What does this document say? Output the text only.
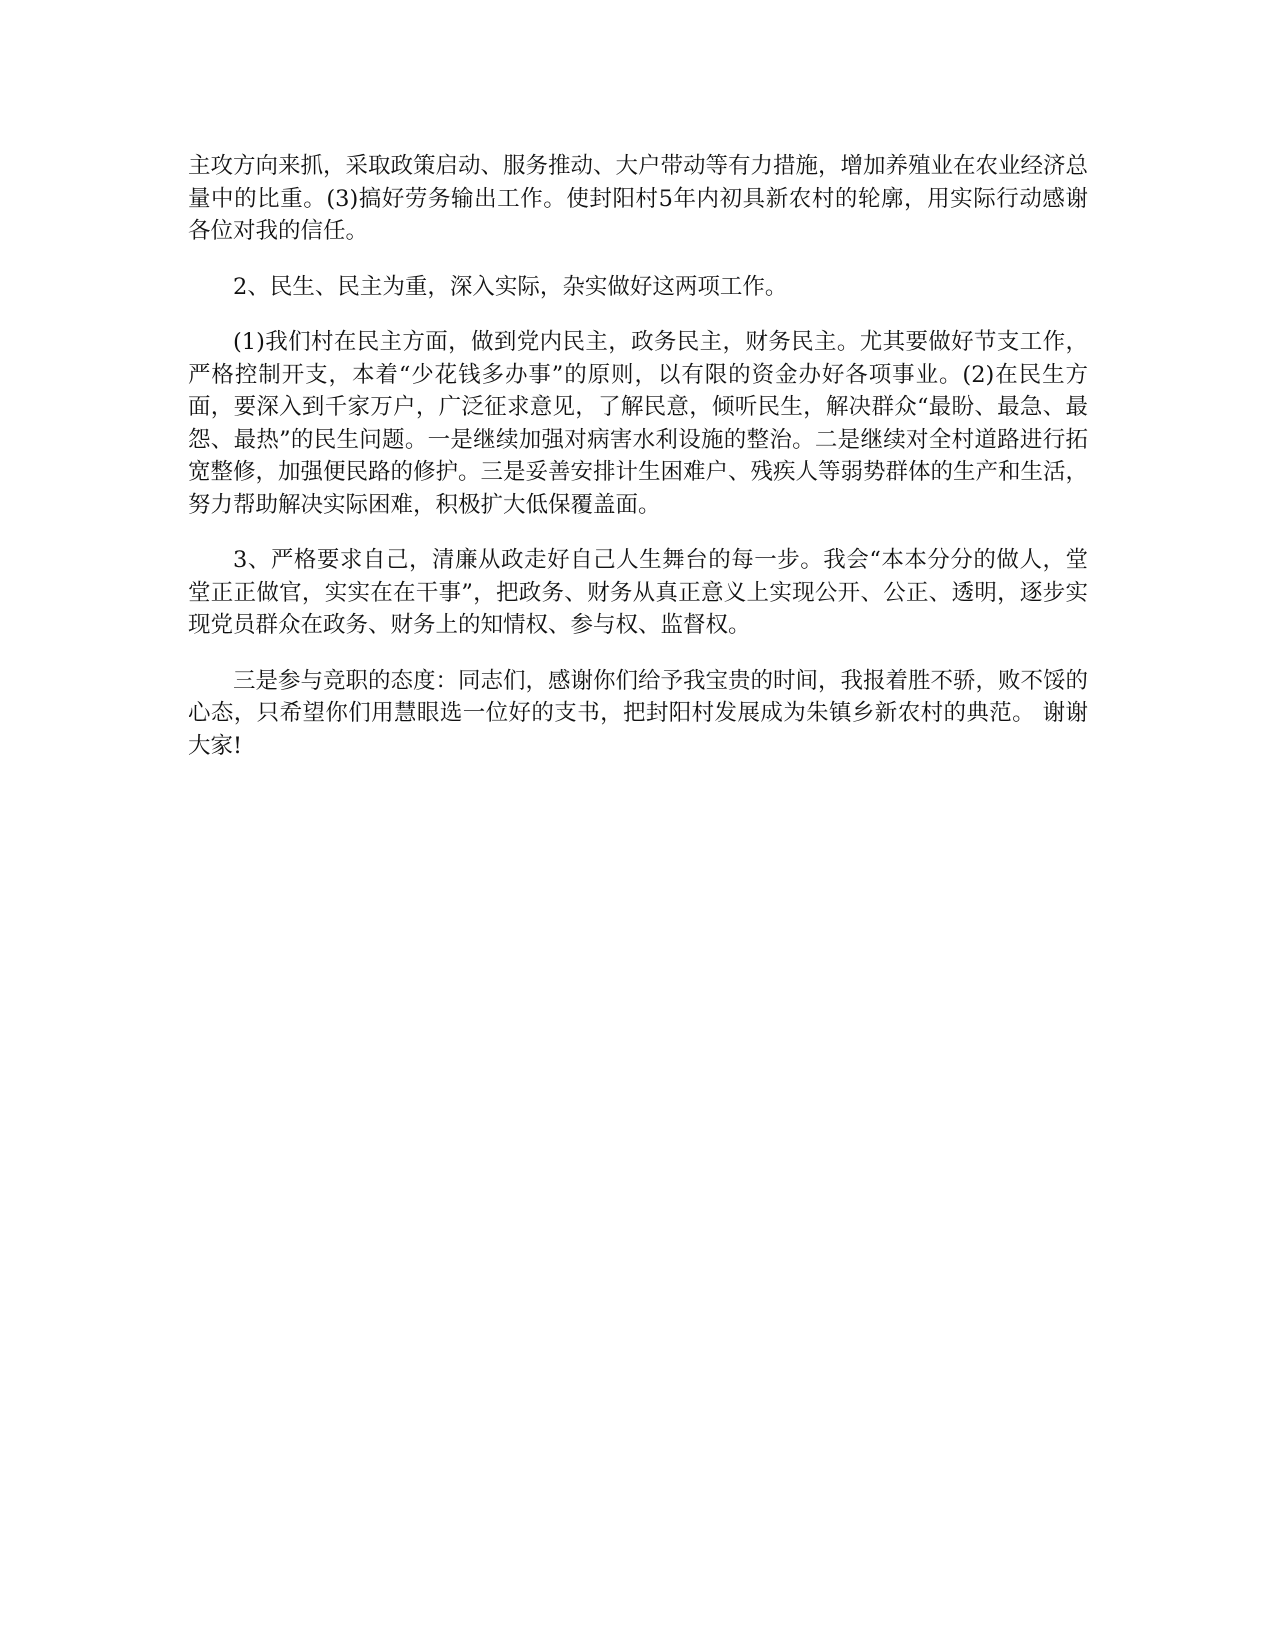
主攻方向来抓，采取政策启动、服务推动、大户带动等有力措施，增加养殖业在农业经济总量中的比重。(3)搞好劳务输出工作。使封阳村5年内初具新农村的轮廓，用实际行动感谢各位对我的信任。

2、民生、民主为重，深入实际，杂实做好这两项工作。

(1)我们村在民主方面，做到党内民主，政务民主，财务民主。尤其要做好节支工作，严格控制开支，本着“少花钱多办事”的原则，以有限的资金办好各项事业。(2)在民生方面，要深入到千家万户，广泛征求意见，了解民意，倾听民生，解决群众“最盼、最急、最怨、最热”的民生问题。一是继续加强对病害水利设施的整治。二是继续对全村道路进行拓宽整修，加强便民路的修护。三是妥善安排计生困难户、残疾人等弱势群体的生产和生活，努力帮助解决实际困难，积极扩大低保覆盖面。

3、严格要求自己，清廉从政走好自己人生舞台的每一步。我会“本本分分的做人，堂堂正正做官，实实在在干事”，把政务、财务从真正意义上实现公开、公正、透明，逐步实现党员群众在政务、财务上的知情权、参与权、监督权。

三是参与竞职的态度：同志们，感谢你们给予我宝贵的时间，我报着胜不骄，败不馁的心态，只希望你们用慧眼选一位好的支书，把封阳村发展成为朱镇乡新农村的典范。 谢谢大家!
